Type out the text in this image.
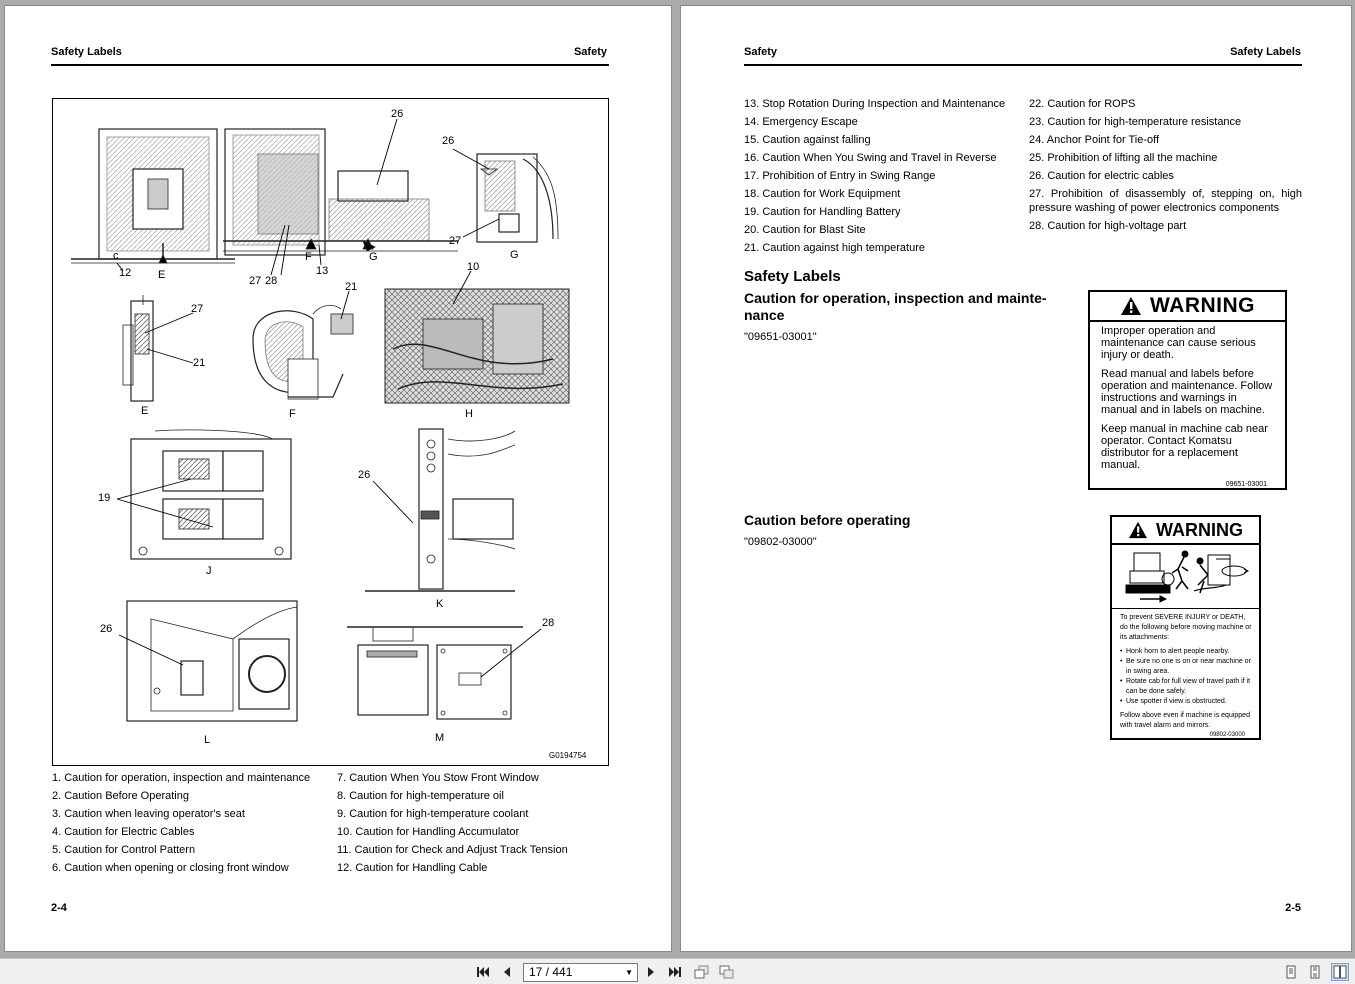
Safety Labels	Safety
26
26
c
12 E	27 28
F
13
G
27
G
10
27
21
21
E	F	H
19
J
26
K
26
L
28
M
G0194754
1. Caution for operation, inspection and maintenance
2. Caution Before Operating
3. Caution when leaving operator's seat
4. Caution for Electric Cables
5. Caution for Control Pattern
6. Caution when opening or closing front window
7. Caution When You Stow Front Window
8. Caution for high-temperature oil
9. Caution for high-temperature coolant
10. Caution for Handling Accumulator
11. Caution for Check and Adjust Track Tension
12. Caution for Handling Cable
2-4
Safety	Safety Labels
13. Stop Rotation During Inspection and Maintenance
14. Emergency Escape
15. Caution against falling
16. Caution When You Swing and Travel in Reverse
17. Prohibition of Entry in Swing Range
18. Caution for Work Equipment
19. Caution for Handling Battery
20. Caution for Blast Site
21. Caution against high temperature
22. Caution for ROPS
23. Caution for high-temperature resistance
24. Anchor Point for Tie-off
25. Prohibition of lifting all the machine
26. Caution for electric cables
27. Prohibition of disassembly of, stepping on, high pressure washing of power electronics components
28. Caution for high-voltage part
Safety Labels
Caution for operation, inspection and mainte- nance
"09651-03001"
WARNING

Improper operation and maintenance can cause serious injury or death.

Read manual and labels before operation and maintenance. Follow instructions and warnings in manual and in labels on machine.

Keep manual in machine cab near operator. Contact Komatsu distributor for a replacement manual.

09651-03001
Caution before operating
"09802-03000"
WARNING
To prevent SEVERE INJURY or DEATH, do the following before moving machine or its attachments:
• Honk horn to alert people nearby.
• Be sure no one is on or near machine or in swing area.
• Rotate cab for full view of travel path if it can be done safely.
• Use spotter if view is obstructed.
Follow above even if machine is equipped with travel alarm and mirrors.
09802-03000
2-5
17 / 441	▼
